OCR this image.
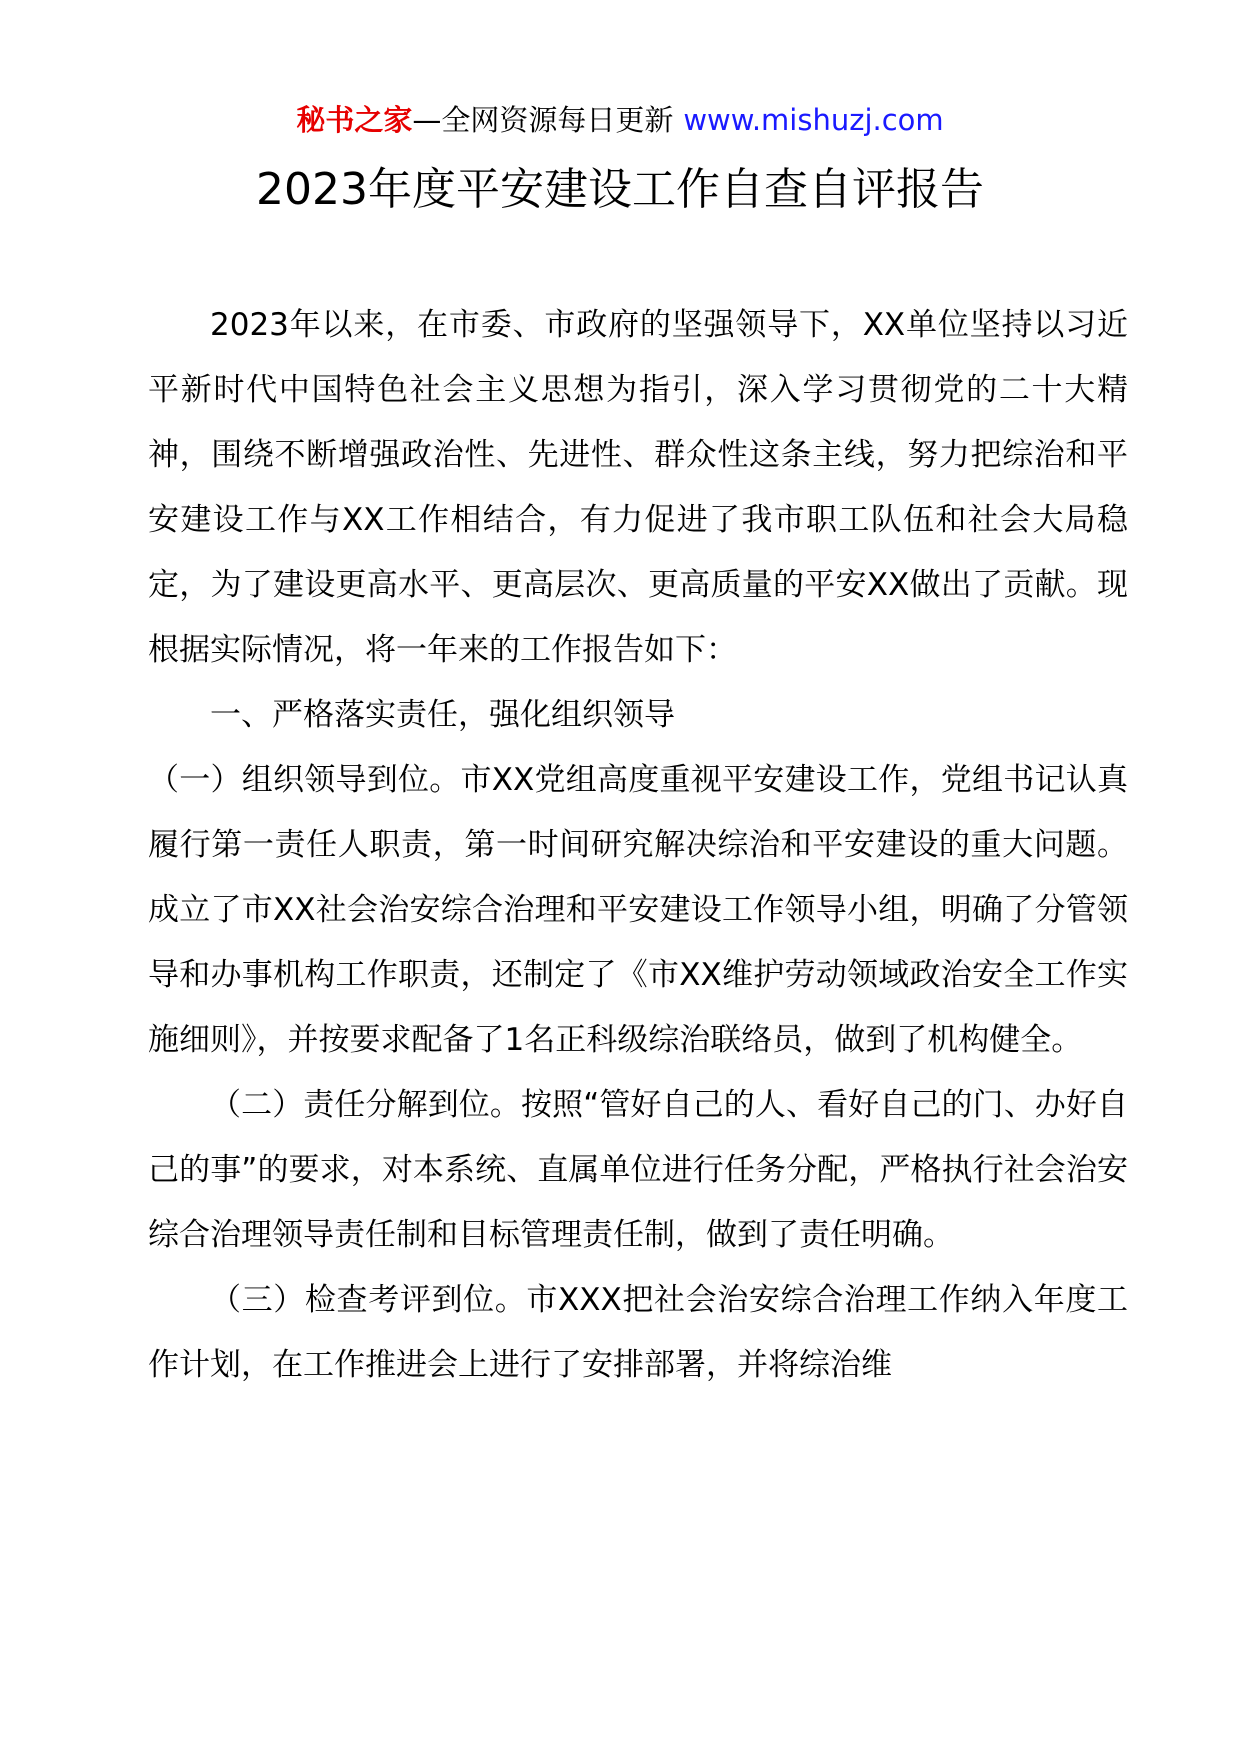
秘书之家—全网资源每日更新 www.mishuzj.com
2023年度平安建设工作自查自评报告

2023年以来，在市委、市政府的坚强领导下，XX单位坚持以习近平新时代中国特色社会主义思想为指引，深入学习贯彻党的二十大精神，围绕不断增强政治性、先进性、群众性这条主线，努力把综治和平安建设工作与XX工作相结合，有力促进了我市职工队伍和社会大局稳定，为了建设更高水平、更高层次、更高质量的平安XX做出了贡献。现根据实际情况，将一年来的工作报告如下：

一、严格落实责任，强化组织领导

（一）组织领导到位。市XX党组高度重视平安建设工作，党组书记认真履行第一责任人职责，第一时间研究解决综治和平安建设的重大问题。成立了市XX社会治安综合治理和平安建设工作领导小组，明确了分管领导和办事机构工作职责，还制定了《市XX维护劳动领域政治安全工作实施细则》，并按要求配备了1名正科级综治联络员，做到了机构健全。

（二）责任分解到位。按照“管好自己的人、看好自己的门、办好自己的事”的要求，对本系统、直属单位进行任务分配，严格执行社会治安综合治理领导责任制和目标管理责任制，做到了责任明确。

（三）检查考评到位。市XXX把社会治安综合治理工作纳入年度工作计划，在工作推进会上进行了安排部署，并将综治维
